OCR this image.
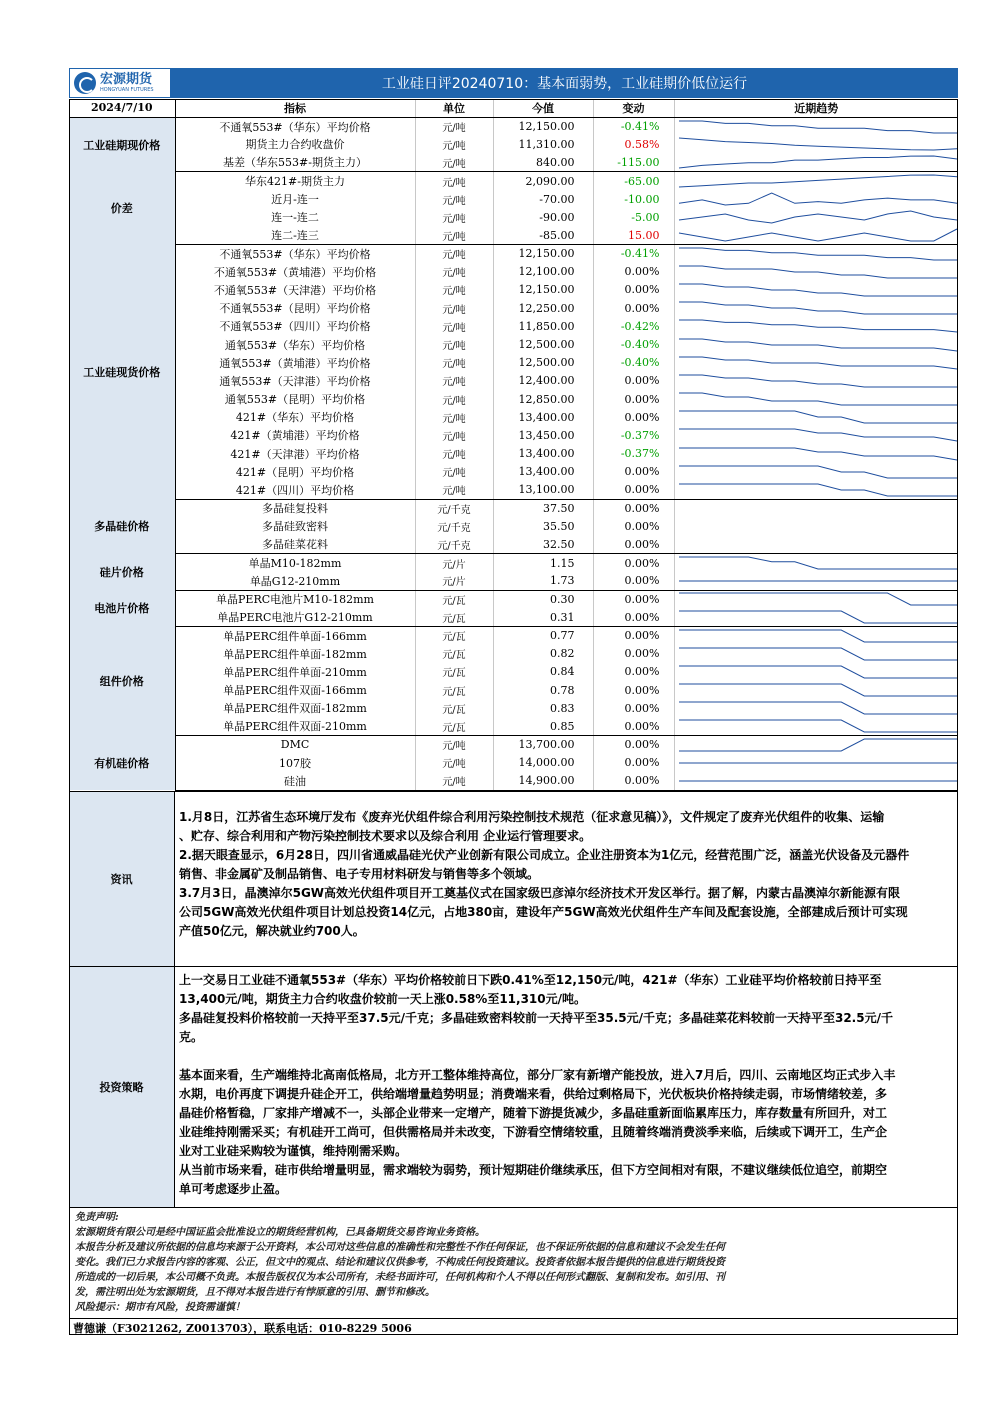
宏源期货
HONGYUAN FUTURES	工业硅日评20240710：基本面弱势，工业硅期价低位运行
2024/7/10	指标	单位	今值	变动	近期趋势
工业硅期现价格	不通氧553#（华东）平均价格	元/吨	12,150.00	-0.41%	

	期货主力合约收盘价	元/吨	11,310.00	0.58%	

	基差（华东553#-期货主力）	元/吨	840.00	-115.00	

价差	华东421#-期货主力	元/吨	2,090.00	-65.00	

	近月-连一	元/吨	-70.00	-10.00	

	连一-连二	元/吨	-90.00	-5.00	

	连二-连三	元/吨	-85.00	15.00	

工业硅现货价格	不通氧553#（华东）平均价格	元/吨	12,150.00	-0.41%	

	不通氧553#（黄埔港）平均价格	元/吨	12,100.00	0.00%	

	不通氧553#（天津港）平均价格	元/吨	12,150.00	0.00%	

	不通氧553#（昆明）平均价格	元/吨	12,250.00	0.00%	

	不通氧553#（四川）平均价格	元/吨	11,850.00	-0.42%	

	通氧553#（华东）平均价格	元/吨	12,500.00	-0.40%	

	通氧553#（黄埔港）平均价格	元/吨	12,500.00	-0.40%	

	通氧553#（天津港）平均价格	元/吨	12,400.00	0.00%	

	通氧553#（昆明）平均价格	元/吨	12,850.00	0.00%	

	421#（华东）平均价格	元/吨	13,400.00	0.00%	

	421#（黄埔港）平均价格	元/吨	13,450.00	-0.37%	

	421#（天津港）平均价格	元/吨	13,400.00	-0.37%	

	421#（昆明）平均价格	元/吨	13,400.00	0.00%	

	421#（四川）平均价格	元/吨	13,100.00	0.00%	

多晶硅价格	多晶硅复投料	元/千克	37.50	0.00%	

	多晶硅致密料	元/千克	35.50	0.00%	

	多晶硅菜花料	元/千克	32.50	0.00%	

硅片价格	单晶M10-182mm	元/片	1.15	0.00%	

	单晶G12-210mm	元/片	1.73	0.00%	

电池片价格	单晶PERC电池片M10-182mm	元/瓦	0.30	0.00%	

	单晶PERC电池片G12-210mm	元/瓦	0.31	0.00%	

组件价格	单晶PERC组件单面-166mm	元/瓦	0.77	0.00%	

	单晶PERC组件单面-182mm	元/瓦	0.82	0.00%	

	单晶PERC组件单面-210mm	元/瓦	0.84	0.00%	

	单晶PERC组件双面-166mm	元/瓦	0.78	0.00%	

	单晶PERC组件双面-182mm	元/瓦	0.83	0.00%	

	单晶PERC组件双面-210mm	元/瓦	0.85	0.00%	

有机硅价格	DMC	元/吨	13,700.00	0.00%	

	107胶	元/吨	14,000.00	0.00%	

	硅油	元/吨	14,900.00	0.00%	
资讯

1.月8日，江苏省生态环境厅发布《废弃光伏组件综合利用污染控制技术规范（征求意见稿）》，文件规定了废弃光伏组件的收集、运输

、贮存、综合利用和产物污染控制技术要求以及综合利用 企业运行管理要求。

2.据天眼查显示，6月28日，四川省通威晶硅光伏产业创新有限公司成立。企业注册资本为1亿元，经营范围广泛，涵盖光伏设备及元器件

销售、非金属矿及制品销售、电子专用材料研发与销售等多个领域。

3.7月3日，晶澳淖尔5GW高效光伏组件项目开工奠基仪式在国家级巴彦淖尔经济技术开发区举行。据了解，内蒙古晶澳淖尔新能源有限

公司5GW高效光伏组件项目计划总投资14亿元，占地380亩，建设年产5GW高效光伏组件生产车间及配套设施，全部建成后预计可实现

产值50亿元，解决就业约700人。

投资策略

上一交易日工业硅不通氧553#（华东）平均价格较前日下跌0.41%至12,150元/吨，421#（华东）工业硅平均价格较前日持平至

13,400元/吨，期货主力合约收盘价较前一天上涨0.58%至11,310元/吨。

多晶硅复投料价格较前一天持平至37.5元/千克；多晶硅致密料较前一天持平至35.5元/千克；多晶硅菜花料较前一天持平至32.5元/千

克。

基本面来看，生产端维持北高南低格局，北方开工整体维持高位，部分厂家有新增产能投放，进入7月后，四川、云南地区均正式步入丰

水期，电价再度下调提升硅企开工，供给端增量趋势明显；消费端来看，供给过剩格局下，光伏板块价格持续走弱，市场情绪较差，多

晶硅价格暂稳，厂家排产增减不一，头部企业带来一定增产，随着下游提货减少，多晶硅重新面临累库压力，库存数量有所回升，对工

业硅维持刚需采买；有机硅开工尚可，但供需格局并未改变，下游看空情绪较重，且随着终端消费淡季来临，后续或下调开工，生产企

业对工业硅采购较为谨慎，维持刚需采购。

从当前市场来看，硅市供给增量明显，需求端较为弱势，预计短期硅价继续承压，但下方空间相对有限，不建议继续低位追空，前期空

单可考虑逐步止盈。

免责声明:
宏源期货有限公司是经中国证监会批准设立的期货经营机构，已具备期货交易咨询业务资格。
本报告分析及建议所依据的信息均来源于公开资料，本公司对这些信息的准确性和完整性不作任何保证，也不保证所依据的信息和建议不会发生任何
变化。我们已力求报告内容的客观、公正，但文中的观点、结论和建议仅供参考，不构成任何投资建议。投资者依据本报告提供的信息进行期货投资
所造成的一切后果，本公司概不负责。本报告版权仅为本公司所有，未经书面许可，任何机构和个人不得以任何形式翻版、复制和发布。如引用、刊
发，需注明出处为宏源期货，且不得对本报告进行有悖原意的引用、删节和修改。
风险提示：期市有风险，投资需谨慎！
曹德谦（F3021262, Z0013703），联系电话：010-8229 5006
